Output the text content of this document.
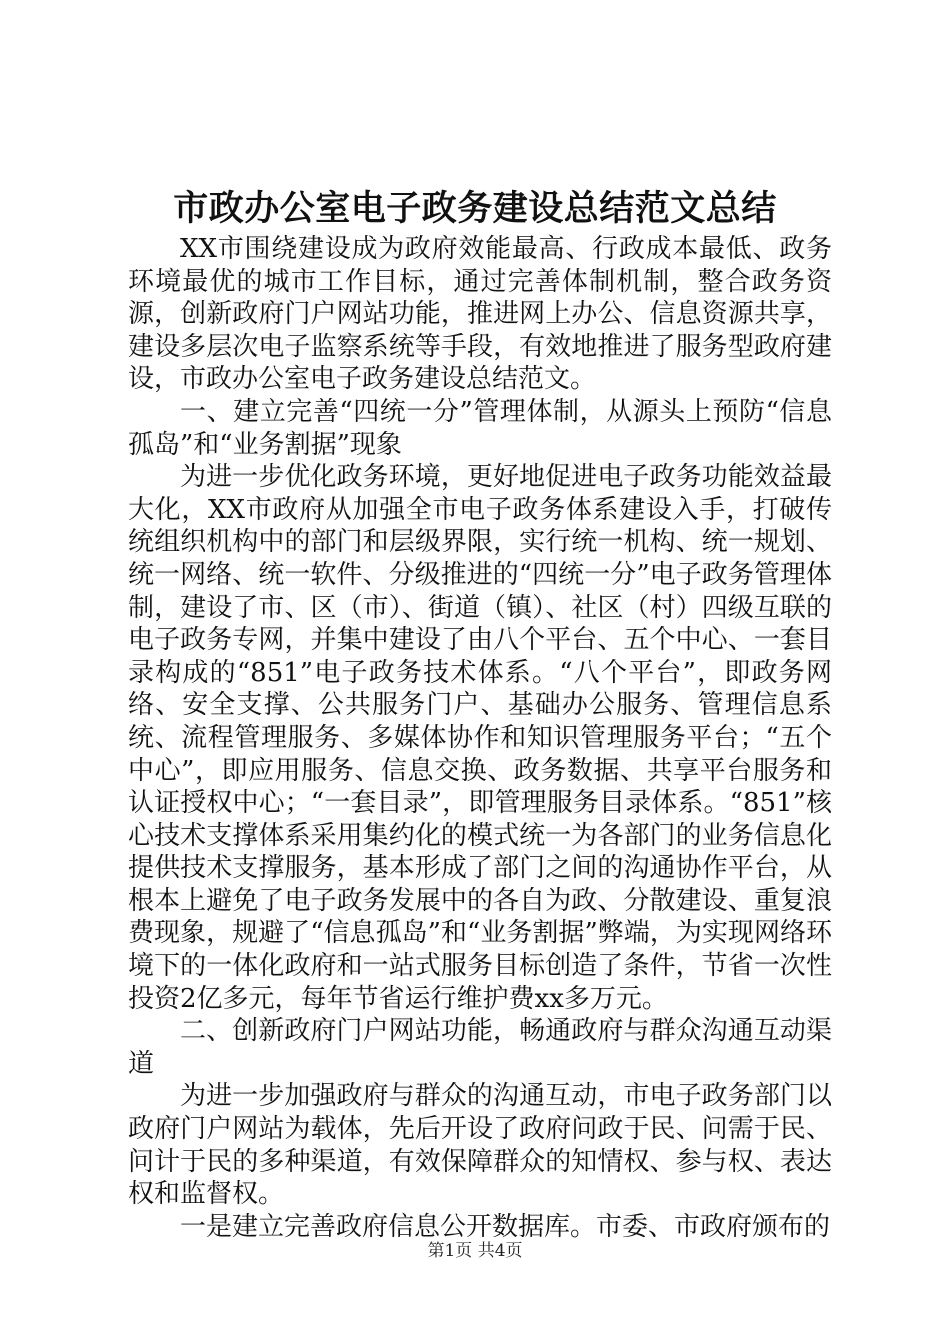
市政办公室电子政务建设总结范文总结

XX市围绕建设成为政府效能最高、行政成本最低、政务环境最优的城市工作目标，通过完善体制机制，整合政务资源，创新政府门户网站功能，推进网上办公、信息资源共享，建设多层次电子监察系统等手段，有效地推进了服务型政府建设，市政办公室电子政务建设总结范文。

一、建立完善“四统一分”管理体制，从源头上预防“信息孤岛”和“业务割据”现象

为进一步优化政务环境，更好地促进电子政务功能效益最大化，XX市政府从加强全市电子政务体系建设入手，打破传统组织机构中的部门和层级界限，实行统一机构、统一规划、统一网络、统一软件、分级推进的“四统一分”电子政务管理体制，建设了市、区（市）、街道（镇）、社区（村）四级互联的电子政务专网，并集中建设了由八个平台、五个中心、一套目录构成的“851”电子政务技术体系。“八个平台”，即政务网络、安全支撑、公共服务门户、基础办公服务、管理信息系统、流程管理服务、多媒体协作和知识管理服务平台；“五个中心”，即应用服务、信息交换、政务数据、共享平台服务和认证授权中心；“一套目录”，即管理服务目录体系。“851”核心技术支撑体系采用集约化的模式统一为各部门的业务信息化提供技术支撑服务，基本形成了部门之间的沟通协作平台，从根本上避免了电子政务发展中的各自为政、分散建设、重复浪费现象，规避了“信息孤岛”和“业务割据”弊端，为实现网络环境下的一体化政府和一站式服务目标创造了条件，节省一次性投资2亿多元，每年节省运行维护费xx多万元。

二、创新政府门户网站功能，畅通政府与群众沟通互动渠道

为进一步加强政府与群众的沟通互动，市电子政务部门以政府门户网站为载体，先后开设了政府问政于民、问需于民、问计于民的多种渠道，有效保障群众的知情权、参与权、表达权和监督权。

一是建立完善政府信息公开数据库。市委、市政府颁布的

第1页 共4页
